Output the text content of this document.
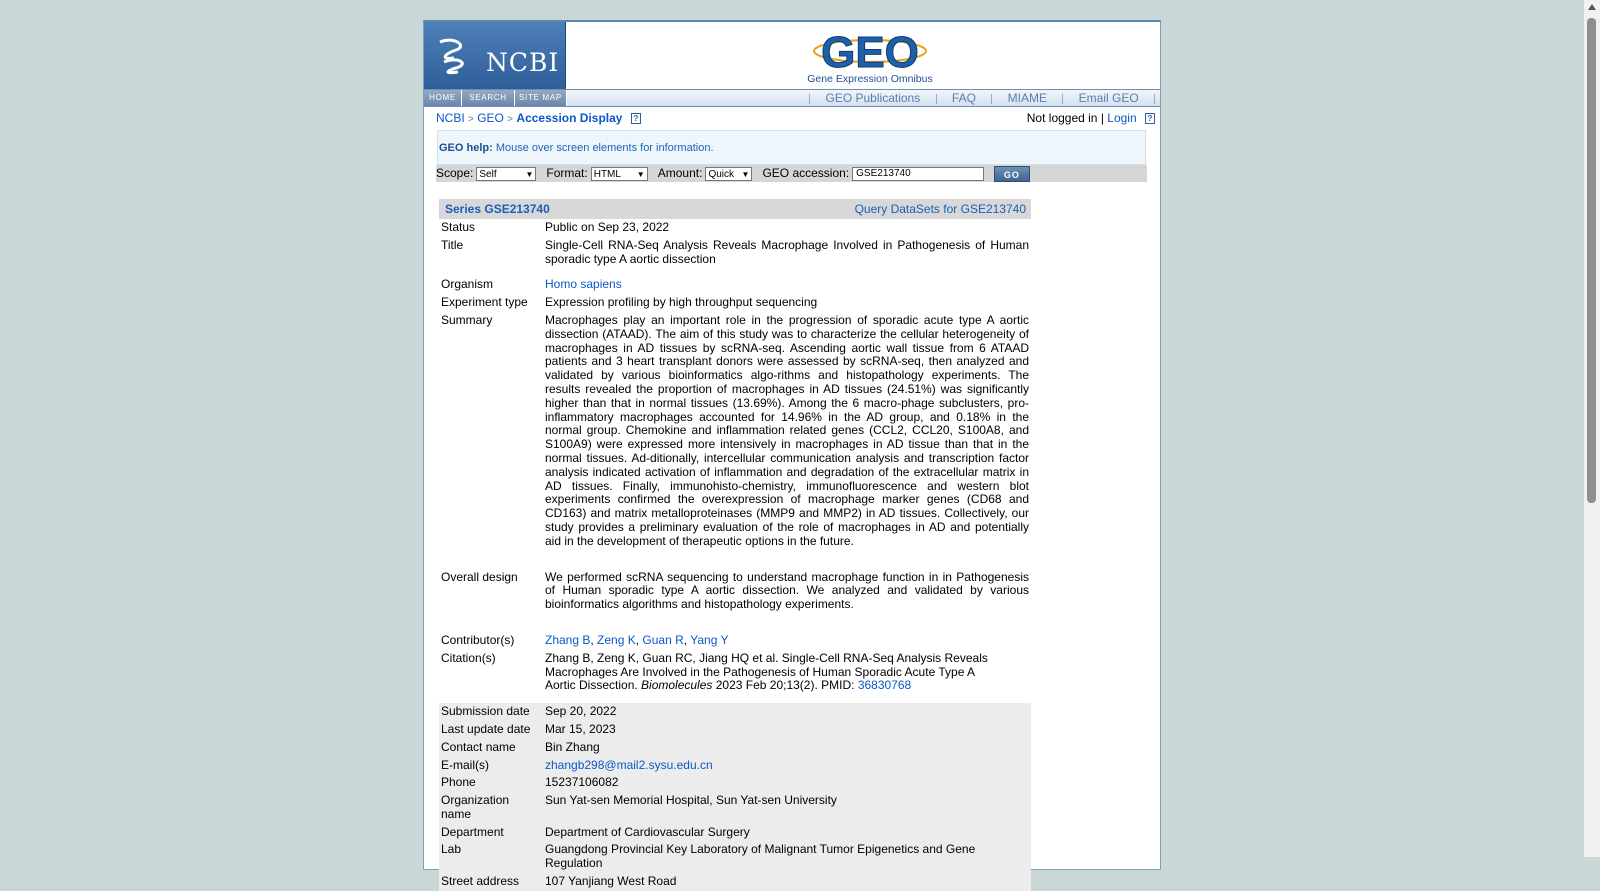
NCBI	GEO
Gene Expression Omnibus
HOME	SEARCH	SITE MAP	GEO Publications	FAQ	MIAME	Email GEO
NCBI > GEO > Accession Display ?	Not logged in | Login ?
GEO help: Mouse over screen elements for information.
Scope: Self	▼ Format: HTML ▼ Amount: Quick ▼ GEO accession: GSE213740	GO
Series GSE213740	Query DataSets for GSE213740
Status	Public on Sep 23, 2022
Title	Single-Cell RNA-Seq Analysis Reveals Macrophage Involved in Pathogenesis of Human sporadic type A aortic dissection

Organism	Homo sapiens
Experiment type	Expression profiling by high throughput sequencing
Summary	Macrophages play an important role in the progression of sporadic acute type A aortic dissection (ATAAD). The aim of this study was to characterize the cellular heterogeneity of macrophages in AD tissues by scRNA-seq. Ascending aortic wall tissue from 6 ATAAD patients and 3 heart transplant donors were assessed by scRNA-seq, then analyzed and validated by various bioinformatics algo-rithms and histopathology experiments. The results revealed the proportion of macrophages in AD tissues (24.51%) was significantly higher than that in normal tissues (13.69%). Among the 6 macro-phage subclusters, pro-inflammatory macrophages accounted for 14.96% in the AD group, and 0.18% in the normal group. Chemokine and inflammation related genes (CCL2, CCL20, S100A8, and S100A9) were expressed more intensively in macrophages in AD tissue than that in the normal tissues. Ad-ditionally, intercellular communication analysis and transcription factor analysis indicated activation of inflammation and degradation of the extracellular matrix in AD tissues. Finally, immunohisto-chemistry, immunofluorescence and western blot experiments confirmed the overexpression of macrophage marker genes (CD68 and CD163) and matrix metalloproteinases (MMP9 and MMP2) in AD tissues. Collectively, our study provides a preliminary evaluation of the role of macrophages in AD and potentially aid in the development of therapeutic options in the future.
Overall design	We performed scRNA sequencing to understand macrophage function in in Pathogenesis of Human sporadic type A aortic dissection. We analyzed and validated by various bioinformatics algorithms and histopathology experiments.
Contributor(s)	Zhang B, Zeng K, Guan R, Yang Y
Citation(s)	Zhang B, Zeng K, Guan RC, Jiang HQ et al. Single-Cell RNA-Seq Analysis Reveals Macrophages Are Involved in the Pathogenesis of Human Sporadic Acute Type A Aortic Dissection. Biomolecules 2023 Feb 20;13(2). PMID: 36830768

Submission date	Sep 20, 2022
Last update date	Mar 15, 2023
Contact name	Bin Zhang
E-mail(s)	zhangb298@mail2.sysu.edu.cn
Phone	15237106082
Organization name	Sun Yat-sen Memorial Hospital, Sun Yat-sen University
Department	Department of Cardiovascular Surgery
Lab	Guangdong Provincial Key Laboratory of Malignant Tumor Epigenetics and Gene Regulation
Street address	107 Yanjiang West Road
